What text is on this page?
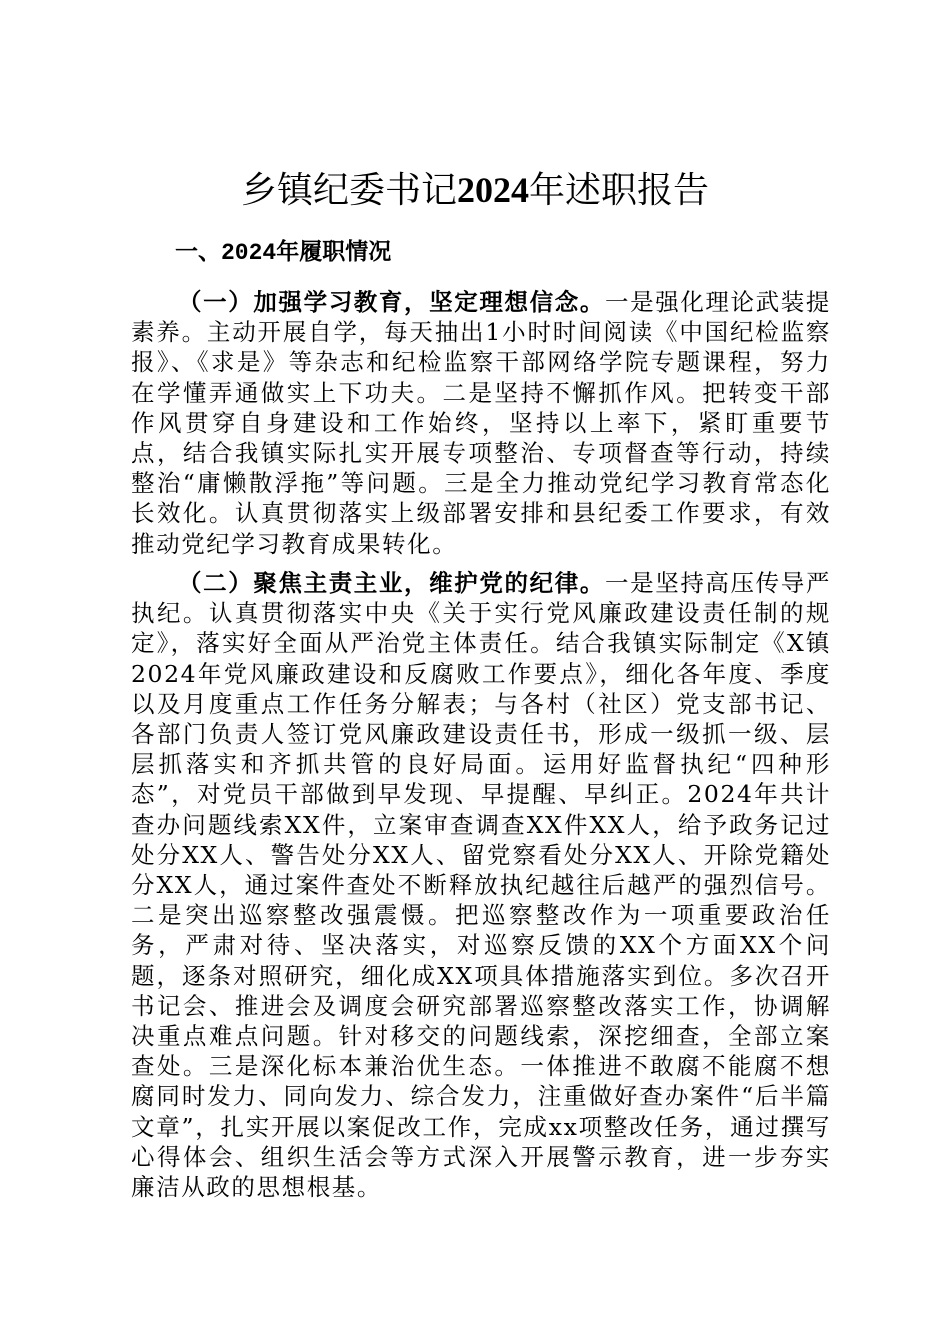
乡镇纪委书记2024年述职报告
一、2024年履职情况

（一）加强学习教育，坚定理想信念。一是强化理论武装提素养。主动开展自学，每天抽出1小时时间阅读《中国纪检监察报》、《求是》等杂志和纪检监察干部网络学院专题课程，努力在学懂弄通做实上下功夫。二是坚持不懈抓作风。把转变干部作风贯穿自身建设和工作始终，坚持以上率下，紧盯重要节点，结合我镇实际扎实开展专项整治、专项督查等行动，持续整治“庸懒散浮拖”等问题。三是全力推动党纪学习教育常态化长效化。认真贯彻落实上级部署安排和县纪委工作要求，有效推动党纪学习教育成果转化。

（二）聚焦主责主业，维护党的纪律。一是坚持高压传导严执纪。认真贯彻落实中央《关于实行党风廉政建设责任制的规定》，落实好全面从严治党主体责任。结合我镇实际制定《X镇2024年党风廉政建设和反腐败工作要点》，细化各年度、季度以及月度重点工作任务分解表；与各村（社区）党支部书记、各部门负责人签订党风廉政建设责任书，形成一级抓一级、层层抓落实和齐抓共管的良好局面。运用好监督执纪“四种形态”，对党员干部做到早发现、早提醒、早纠正。2024年共计查办问题线索XX件，立案审查调查XX件XX人，给予政务记过处分XX人、警告处分XX人、留党察看处分XX人、开除党籍处分XX人，通过案件查处不断释放执纪越往后越严的强烈信号。二是突出巡察整改强震慑。把巡察整改作为一项重要政治任务，严肃对待、坚决落实，对巡察反馈的XX个方面XX个问题，逐条对照研究，细化成XX项具体措施落实到位。多次召开书记会、推进会及调度会研究部署巡察整改落实工作，协调解决重点难点问题。针对移交的问题线索，深挖细查，全部立案查处。三是深化标本兼治优生态。一体推进不敢腐不能腐不想腐同时发力、同向发力、综合发力，注重做好查办案件“后半篇文章”，扎实开展以案促改工作，完成xx项整改任务，通过撰写心得体会、组织生活会等方式深入开展警示教育，进一步夯实廉洁从政的思想根基。
